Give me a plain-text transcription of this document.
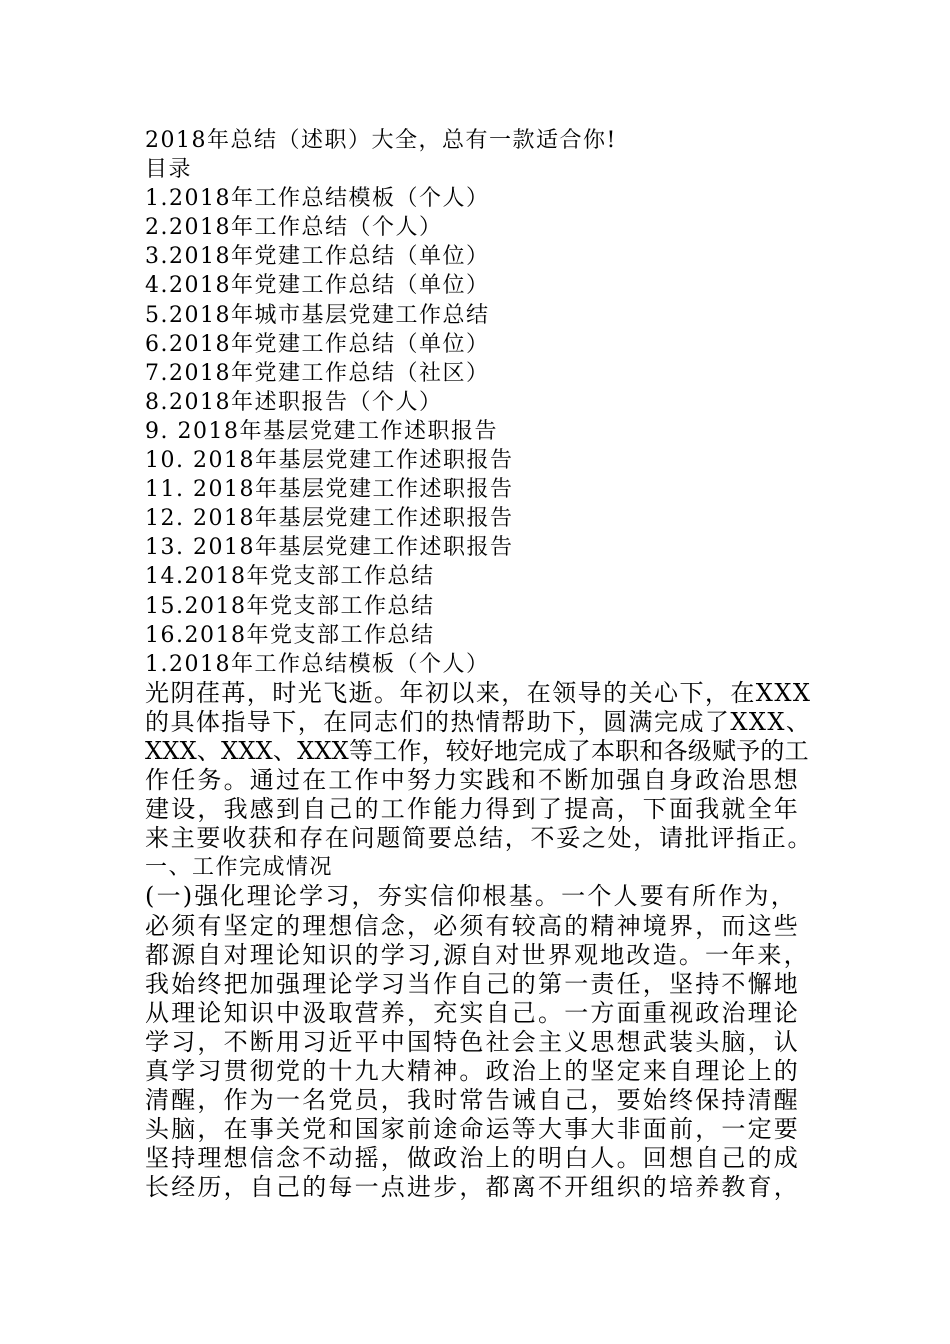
2018年总结（述职）大全，总有一款适合你!
目录
1.2018年工作总结模板（个人）
2.2018年工作总结（个人）
3.2018年党建工作总结（单位）
4.2018年党建工作总结（单位）
5.2018年城市基层党建工作总结
6.2018年党建工作总结（单位）
7.2018年党建工作总结（社区）
8.2018年述职报告（个人）
9. 2018年基层党建工作述职报告
10. 2018年基层党建工作述职报告
11. 2018年基层党建工作述职报告
12. 2018年基层党建工作述职报告
13. 2018年基层党建工作述职报告
14.2018年党支部工作总结
15.2018年党支部工作总结
16.2018年党支部工作总结
1.2018年工作总结模板（个人）
光阴荏苒，时光飞逝。年初以来，在领导的关心下，在XXX
的具体指导下，在同志们的热情帮助下，圆满完成了XXX、
XXX、XXX、XXX等工作，较好地完成了本职和各级赋予的工
作任务。通过在工作中努力实践和不断加强自身政治思想
建设，我感到自己的工作能力得到了提高，下面我就全年
来主要收获和存在问题简要总结，不妥之处，请批评指正。
一、工作完成情况
(一)强化理论学习，夯实信仰根基。一个人要有所作为，
必须有坚定的理想信念，必须有较高的精神境界，而这些
都源自对理论知识的学习,源自对世界观地改造。一年来，
我始终把加强理论学习当作自己的第一责任，坚持不懈地
从理论知识中汲取营养，充实自己。一方面重视政治理论
学习，不断用习近平中国特色社会主义思想武装头脑，认
真学习贯彻党的十九大精神。政治上的坚定来自理论上的
清醒，作为一名党员，我时常告诫自己，要始终保持清醒
头脑，在事关党和国家前途命运等大事大非面前，一定要
坚持理想信念不动摇，做政治上的明白人。回想自己的成
长经历，自己的每一点进步，都离不开组织的培养教育，
